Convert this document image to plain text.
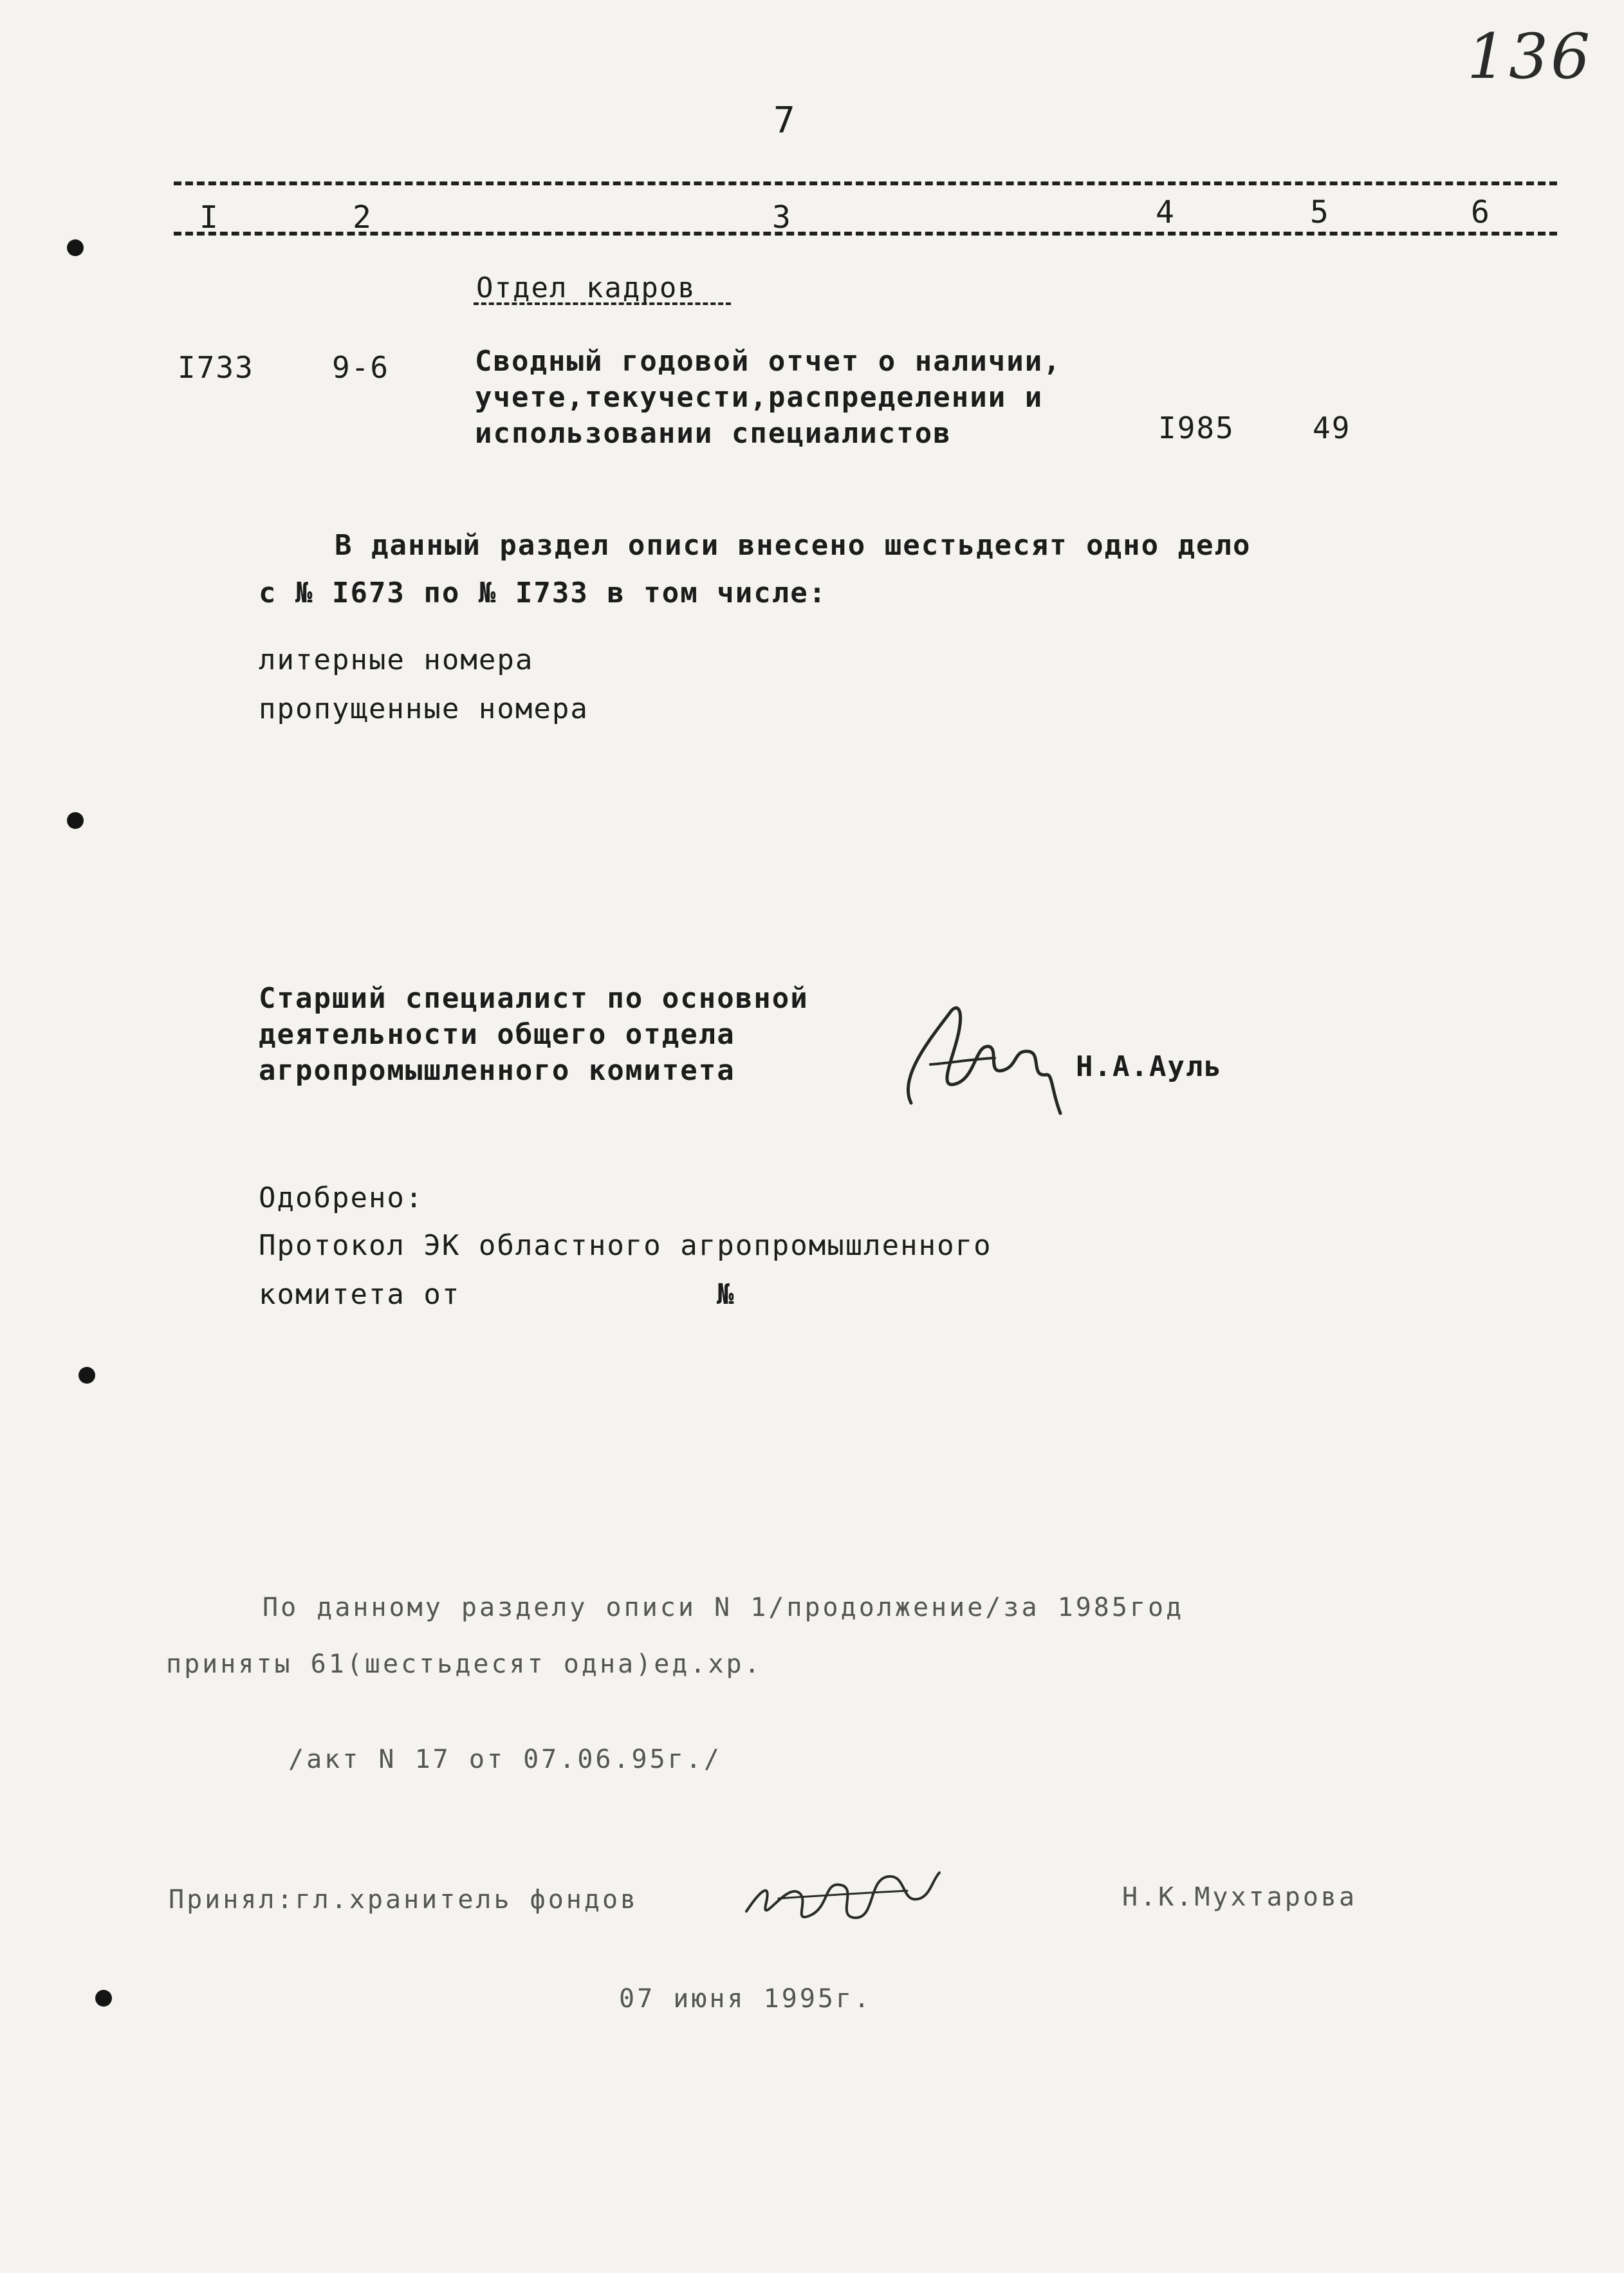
136
7
I	2	3	4	5	6
Отдел кадров
I733	9-6	Сводный годовой отчет о наличии,
учете,текучести,распределении и
использовании специалистов	I985	49
В данный раздел описи внесено шестьдесят одно дело
с № I673 по № I733 в том числе:
литерные номера
пропущенные номера
Старший специалист по основной
деятельности общего отдела
агропромышленного комитета	Н.А.Ауль
Одобрено:
Протокол ЭК областного агропромышленного
комитета от	№
По данному разделу описи N 1/продолжение/за 1985год
приняты 61(шестьдесят одна)ед.хр.
/акт N 17 от 07.06.95г./
Принял:гл.хранитель фондов	Н.К.Мухтарова
07 июня 1995г.
